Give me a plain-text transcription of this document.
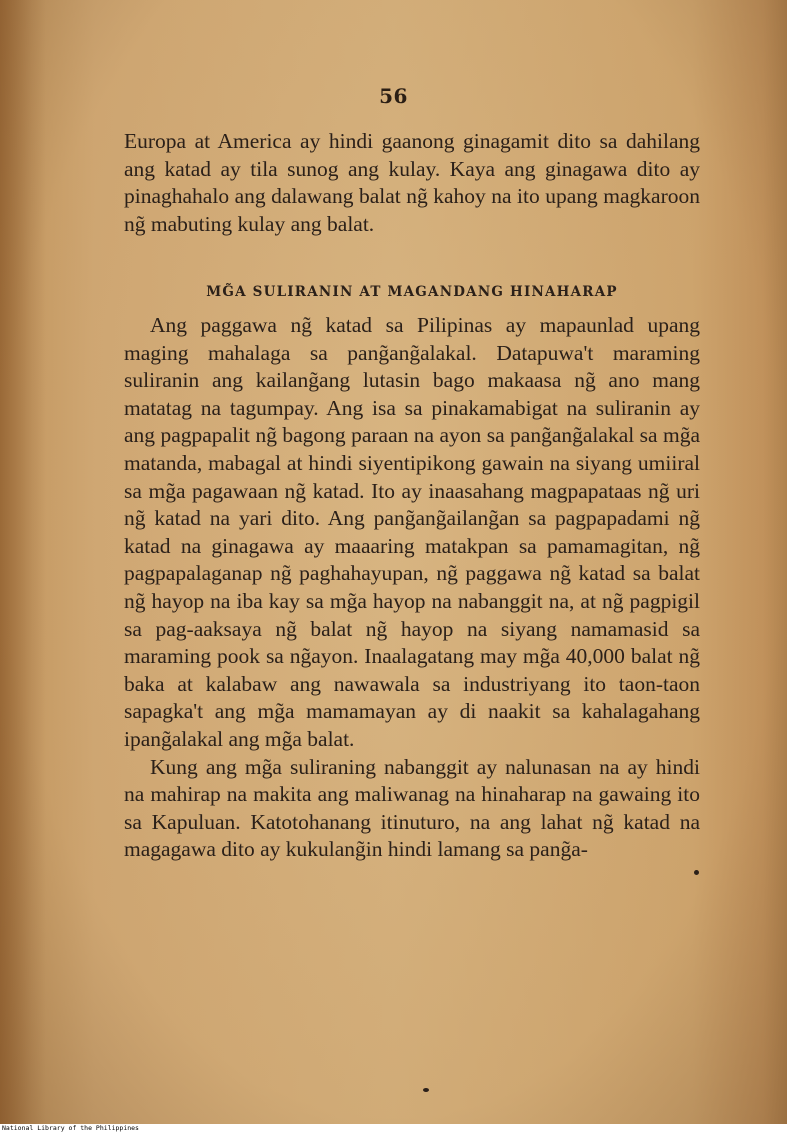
56

Europa at America ay hindi gaanong ginagamit dito sa dahilang ang katad ay tila sunog ang kulay. Kaya ang ginagawa dito ay pinaghahalo ang dalawang balat ng̃ kahoy na ito upang magkaroon ng̃ mabuting kulay ang balat.

MG̃A SULIRANIN AT MAGANDANG HINAHARAP

Ang paggawa ng̃ katad sa Pilipinas ay mapaunlad upang maging mahalaga sa pang̃ang̃alakal. Datapuwa't maraming suliranin ang kailang̃ang lutasin bago makaasa ng̃ ano mang matatag na tagumpay. Ang isa sa pinakamabigat na suliranin ay ang pagpapalit ng̃ bagong paraan na ayon sa pang̃ang̃alakal sa mg̃a matanda, mabagal at hindi siyentipikong gawain na siyang umiiral sa mg̃a pagawaan ng̃ katad. Ito ay inaasahang magpapataas ng̃ uri ng̃ katad na yari dito. Ang pang̃ang̃ailang̃an sa pagpapadami ng̃ katad na ginagawa ay maaaring matakpan sa pamamagitan, ng̃ pagpapalaganap ng̃ paghahayupan, ng̃ paggawa ng̃ katad sa balat ng̃ hayop na iba kay sa mg̃a hayop na nabanggit na, at ng̃ pagpigil sa pag-aaksaya ng̃ balat ng̃ hayop na siyang namamasid sa maraming pook sa ng̃ayon. Inaalagatang may mg̃a 40,000 balat ng̃ baka at kalabaw ang nawawala sa industriyang ito taon-taon sapagka't ang mg̃a mamamayan ay di naakit sa kahalagahang ipang̃alakal ang mg̃a balat.

Kung ang mg̃a suliraning nabanggit ay nalunasan na ay hindi na mahirap na makita ang maliwanag na hinaharap na gawaing ito sa Kapuluan. Katotohanang itinuturo, na ang lahat ng̃ katad na magagawa dito ay kukulang̃in hindi lamang sa pang̃a-

National Library of the Philippines
